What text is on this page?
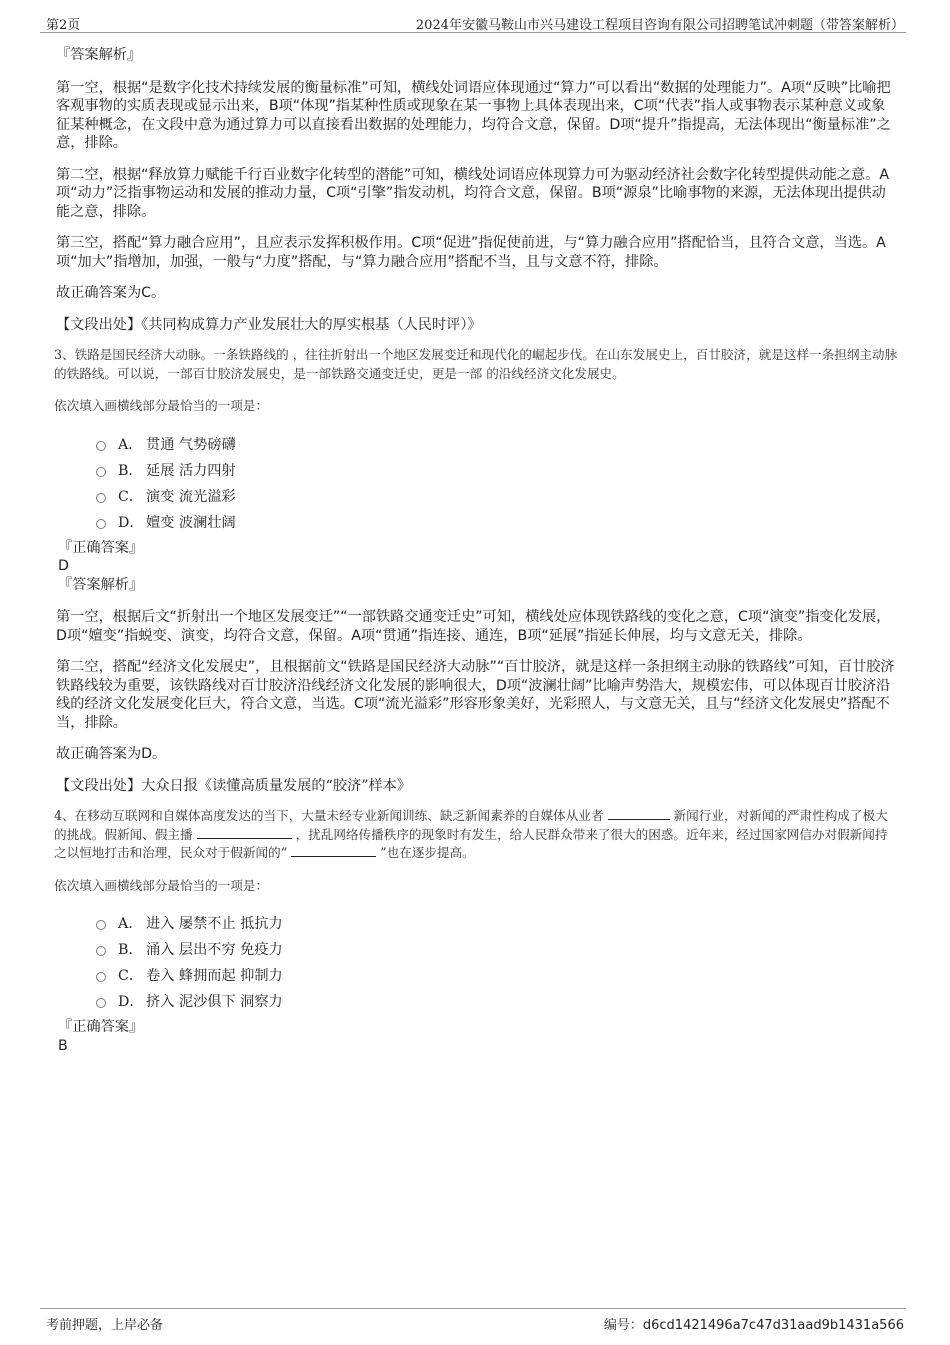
第2页	2024年安徽马鞍山市兴马建设工程项目咨询有限公司招聘笔试冲刺题（带答案解析）

『答案解析』

第一空，根据“是数字化技术持续发展的衡量标准”可知，横线处词语应体现通过“算力”可以看出“数据的处理能力”。A项“反映”比喻把客观事物的实质表现或显示出来，B项“体现”指某种性质或现象在某一事物上具体表现出来，C项“代表”指人或事物表示某种意义或象征某种概念，在文段中意为通过算力可以直接看出数据的处理能力，均符合文意，保留。D项“提升”指提高，无法体现出“衡量标准”之意，排除。

第二空，根据“释放算力赋能千行百业数字化转型的潜能”可知，横线处词语应体现算力可为驱动经济社会数字化转型提供动能之意。A项“动力”泛指事物运动和发展的推动力量，C项“引擎”指发动机，均符合文意，保留。B项“源泉”比喻事物的来源，无法体现出提供动能之意，排除。

第三空，搭配“算力融合应用”，且应表示发挥积极作用。C项“促进”指促使前进，与“算力融合应用”搭配恰当，且符合文意，当选。A项“加大”指增加，加强，一般与“力度”搭配，与“算力融合应用”搭配不当，且与文意不符，排除。

故正确答案为C。

【文段出处】《共同构成算力产业发展壮大的厚实根基（人民时评）》

3、铁路是国民经济大动脉。一条铁路线的 ，往往折射出一个地区发展变迁和现代化的崛起步伐。在山东发展史上，百廿胶济，就是这样一条担纲主动脉的铁路线。可以说，一部百廿胶济发展史，是一部铁路交通变迁史，更是一部 的沿线经济文化发展史。

依次填入画横线部分最恰当的一项是：

A． 贯通 气势磅礴
B． 延展 活力四射
C． 演变 流光溢彩
D． 嬗变 波澜壮阔

『正确答案』

D

『答案解析』

第一空，根据后文“折射出一个地区发展变迁”“一部铁路交通变迁史”可知，横线处应体现铁路线的变化之意，C项“演变”指变化发展，D项“嬗变”指蜕变、演变，均符合文意，保留。A项“贯通”指连接、通连，B项“延展”指延长伸展，均与文意无关，排除。

第二空，搭配“经济文化发展史”，且根据前文“铁路是国民经济大动脉”“百廿胶济，就是这样一条担纲主动脉的铁路线”可知，百廿胶济铁路线较为重要，该铁路线对百廿胶济沿线经济文化发展的影响很大，D项“波澜壮阔”比喻声势浩大，规模宏伟，可以体现百廿胶济沿线的经济文化发展变化巨大，符合文意，当选。C项“流光溢彩”形容形象美好，光彩照人，与文意无关，且与“经济文化发展史”搭配不当，排除。

故正确答案为D。

【文段出处】大众日报《读懂高质量发展的“胶济”样本》

4、在移动互联网和自媒体高度发达的当下，大量未经专业新闻训练、缺乏新闻素养的自媒体从业者	新闻行业，对新闻的严肃性构成了极大的挑战。假新闻、假主播	，扰乱网络传播秩序的现象时有发生，给人民群众带来了很大的困惑。近年来，经过国家网信办对假新闻持之以恒地打击和治理，民众对于假新闻的“	”也在逐步提高。

依次填入画横线部分最恰当的一项是：

A． 进入 屡禁不止 抵抗力
B． 涌入 层出不穷 免疫力
C． 卷入 蜂拥而起 抑制力
D． 挤入 泥沙俱下 洞察力

『正确答案』

B

考前押题，上岸必备	编号：d6cd1421496a7c47d31aad9b1431a566
